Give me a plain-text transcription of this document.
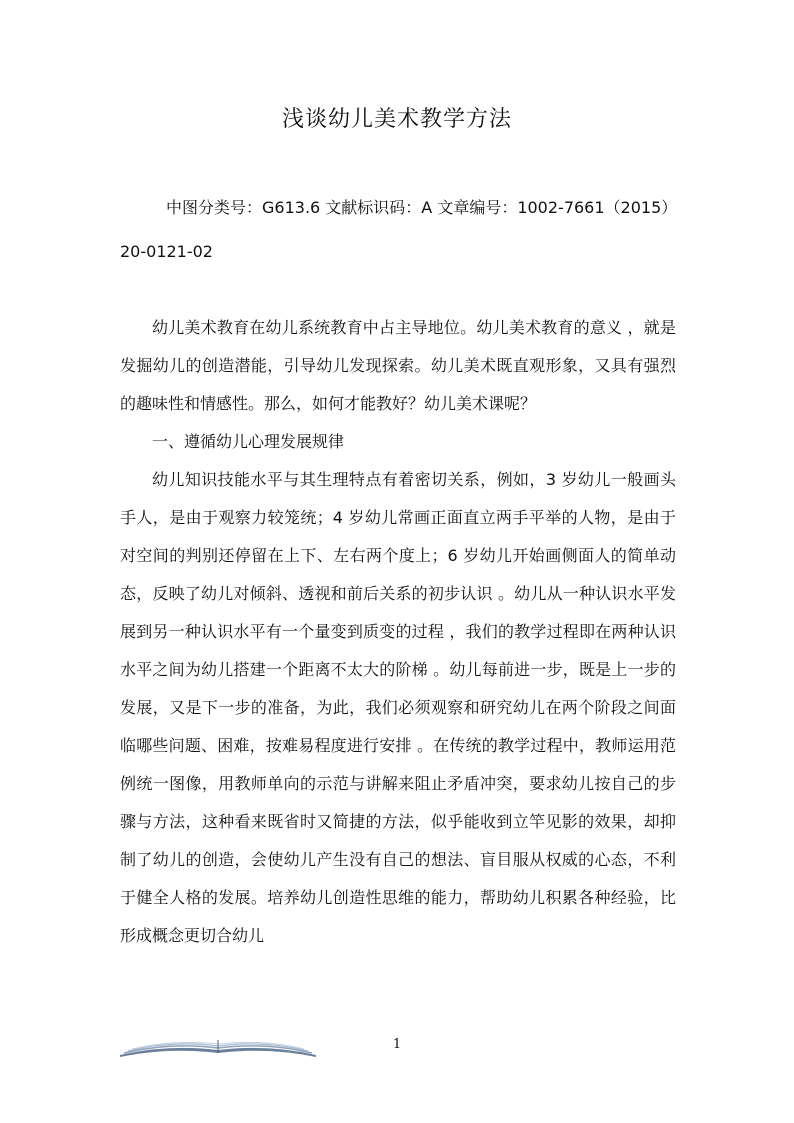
浅谈幼儿美术教学方法
中图分类号：G613.6 文献标识码：A 文章编号：1002-7661（2015）
20-0121-02

幼儿美术教育在幼儿系统教育中占主导地位。幼儿美术教育的意义 ，就是发掘幼儿的创造潜能，引导幼儿发现探索。幼儿美术既直观形象，又具有强烈的趣味性和情感性。那么，如何才能教好？幼儿美术课呢？

一、遵循幼儿心理发展规律

幼儿知识技能水平与其生理特点有着密切关系，例如，3 岁幼儿一般画头手人，是由于观察力较笼统；4 岁幼儿常画正面直立两手平举的人物，是由于对空间的判别还停留在上下、左右两个度上；6 岁幼儿开始画侧面人的简单动态，反映了幼儿对倾斜、透视和前后关系的初步认识 。幼儿从一种认识水平发展到另一种认识水平有一个量变到质变的过程 ，我们的教学过程即在两种认识水平之间为幼儿搭建一个距离不太大的阶梯 。幼儿每前进一步，既是上一步的发展，又是下一步的准备，为此，我们必须观察和研究幼儿在两个阶段之间面临哪些问题、困难，按难易程度进行安排 。在传统的教学过程中，教师运用范例统一图像，用教师单向的示范与讲解来阻止矛盾冲突，要求幼儿按自己的步骤与方法，这种看来既省时又简捷的方法，似乎能收到立竿见影的效果，却抑制了幼儿的创造，会使幼儿产生没有自己的想法、盲目服从权威的心态，不利于健全人格的发展。培养幼儿创造性思维的能力，帮助幼儿积累各种经验，比形成概念更切合幼儿

1
